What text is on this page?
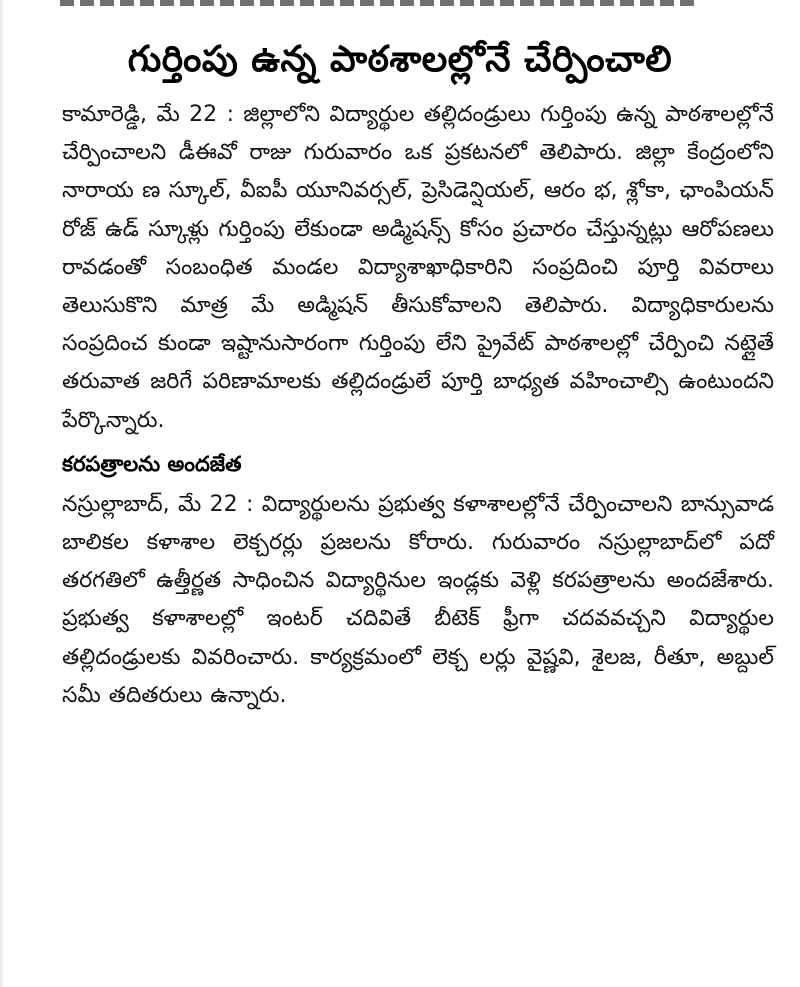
గుర్తింపు ఉన్న పాఠశాలల్లోనే చేర్పించాలి

కామారెడ్డి, మే 22 : జిల్లాలోని విద్యార్థుల తల్లిదండ్రులు గుర్తింపు ఉన్న పాఠశాలల్లోనే చేర్పించాలని డీఈవో రాజు గురువారం ఒక ప్రకటనలో తెలిపారు. జిల్లా కేంద్రంలోని నారాయ ణ స్కూల్, వీఐపీ యూనివర్సల్, ప్రెసిడెన్షియల్, ఆరం భ, శ్లోకా, ఛాంపియన్ రోజ్ ఉడ్ స్కూళ్లు గుర్తింపు లేకుండా అడ్మిషన్స్ కోసం ప్రచారం చేస్తున్నట్లు ఆరోపణలు రావడంతో సంబంధిత మండల విద్యాశాఖాధికారిని సంప్రదించి పూర్తి వివరాలు తెలుసుకొని మాత్ర మే అడ్మిషన్ తీసుకోవాలని తెలిపారు. విద్యాధికారులను సంప్రదించ కుండా ఇష్టానుసారంగా గుర్తింపు లేని ప్రైవేట్ పాఠశాలల్లో చేర్పించి నట్లైతే తరువాత జరిగే పరిణామాలకు తల్లిదండ్రులే పూర్తి బాధ్యత వహించాల్సి ఉంటుందని పేర్కొన్నారు.

కరపత్రాలను అందజేత

నస్రుల్లాబాద్, మే 22 : విద్యార్థులను ప్రభుత్వ కళాశాలల్లోనే చేర్పించాలని బాన్సువాడ బాలికల కళాశాల లెక్చరర్లు ప్రజలను కోరారు. గురువారం నస్రుల్లాబాద్‌లో పదో తరగతిలో ఉత్తీర్ణత సాధించిన విద్యార్థినుల ఇండ్లకు వెళ్లి కరపత్రాలను అందజేశారు. ప్రభుత్వ కళాశాలల్లో ఇంటర్ చదివితే బీటెక్ ఫ్రీగా చదవవచ్చని విద్యార్థుల తల్లిదండ్రులకు వివరించారు. కార్యక్రమంలో లెక్చ లర్లు వైష్ణవి, శైలజ, రీతూ, అబ్దుల్ సమీ తదితరులు ఉన్నారు.
